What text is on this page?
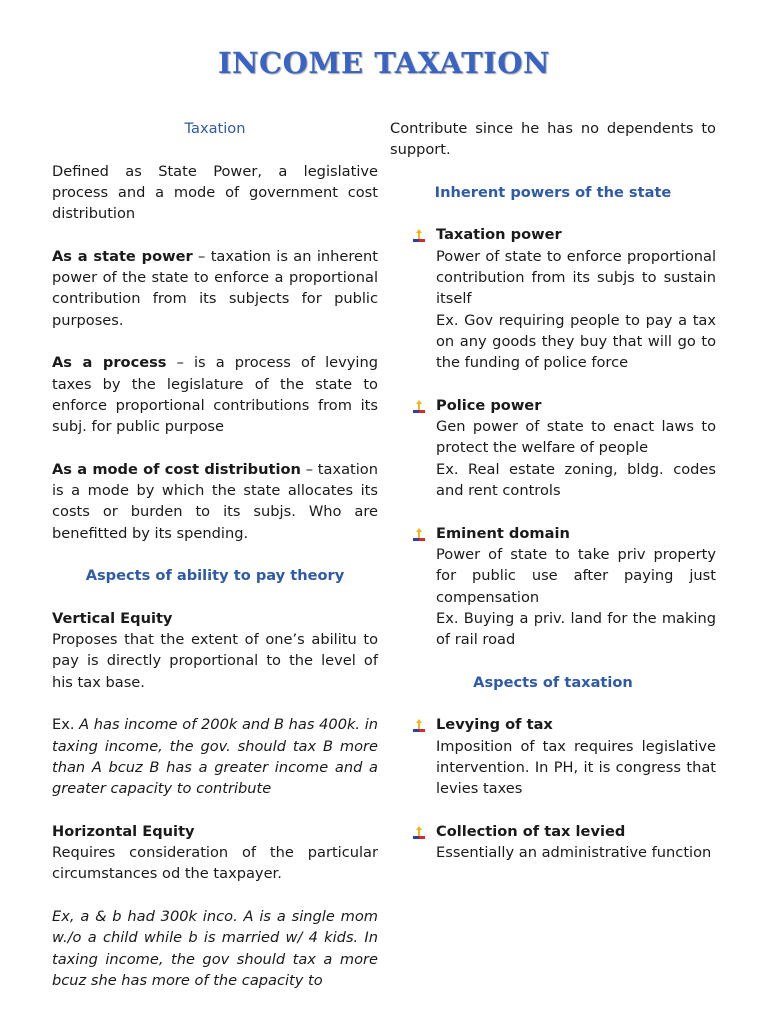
INCOME TAXATION

Taxation

Defined as State Power, a legislative process and a mode of government cost distribution

As a state power – taxation is an inherent power of the state to enforce a proportional contribution from its subjects for public purposes.

As a process – is a process of levying taxes by the legislature of the state to enforce proportional contributions from its subj. for public purpose

As a mode of cost distribution – taxation is a mode by which the state allocates its costs or burden to its subjs. Who are benefitted by its spending.

Aspects of ability to pay theory

Vertical Equity

Proposes that the extent of one’s abilitu to pay is directly proportional to the level of his tax base.

Ex. A has income of 200k and B has 400k. in taxing income, the gov. should tax B more than A bcuz B has a greater income and a greater capacity to contribute

Horizontal Equity

Requires consideration of the particular circumstances od the taxpayer.

Ex, a & b had 300k inco. A is a single mom w./o a child while b is married w/ 4 kids. In taxing income, the gov should tax a more bcuz she has more of the capacity to

Contribute since he has no dependents to support.

Inherent powers of the state

Taxation power

Power of state to enforce proportional contribution from its subjs to sustain itself

Ex. Gov requiring people to pay a tax on any goods they buy that will go to the funding of police force

Police power

Gen power of state to enact laws to protect the welfare of people

Ex. Real estate zoning, bldg. codes and rent controls

Eminent domain

Power of state to take priv property for public use after paying just compensation

Ex. Buying a priv. land for the making of rail road

Aspects of taxation

Levying of tax

Imposition of tax requires legislative intervention. In PH, it is congress that levies taxes

Collection of tax levied

Essentially an administrative function
